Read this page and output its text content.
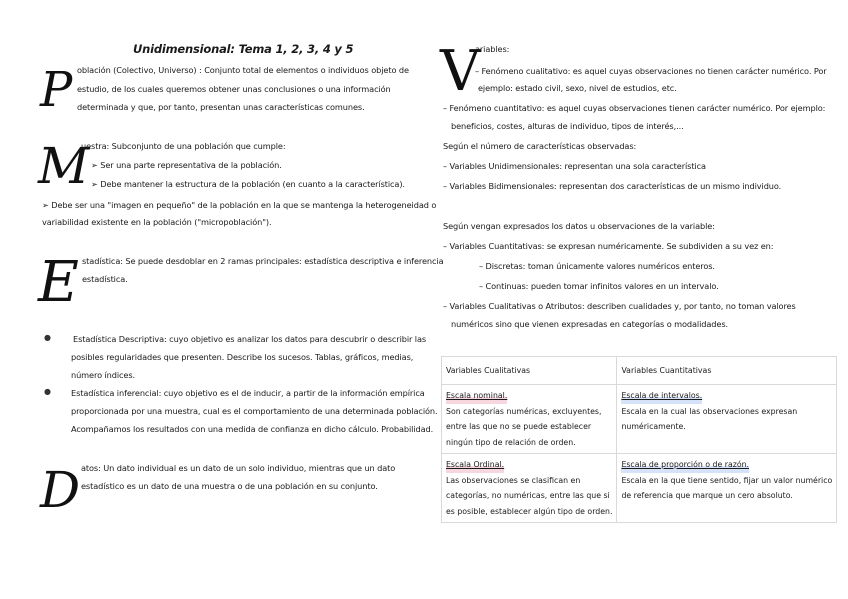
Unidimensional: Tema 1, 2, 3, 4 y 5
P oblación (Colectivo, Universo) : Conjunto total de elementos o individuos objeto de
estudio, de los cuales queremos obtener unas conclusiones o una información
determinada y que, por tanto, presentan unas características comunes.
M
uestra: Subconjunto de una población que cumple:
➢ Ser una parte representativa de la población.
➢ Debe mantener la estructura de la población (en cuanto a la característica).
➢ Debe ser una "imagen en pequeño" de la población en la que se mantenga la heterogeneidad o
variabilidad existente en la población ("micropoblación").
E stadística: Se puede desdoblar en 2 ramas principales: estadística descriptiva e inferencia
estadística.
●	Estadística Descriptiva: cuyo objetivo es analizar los datos para descubrir o describir las
posibles regularidades que presenten. Describe los sucesos. Tablas, gráficos, medias,
número índices.
● Estadística inferencial: cuyo objetivo es el de inducir, a partir de la información empírica
proporcionada por una muestra, cual es el comportamiento de una determinada población.
Acompañamos los resultados con una medida de confianza en dicho cálculo. Probabilidad.
D atos: Un dato individual es un dato de un solo individuo, mientras que un dato
estadístico es un dato de una muestra o de una población en su conjunto.
V
ariables:
– Fenómeno cualitativo: es aquel cuyas observaciones no tienen carácter numérico. Por
ejemplo: estado civil, sexo, nivel de estudios, etc.
– Fenómeno cuantitativo: es aquel cuyas observaciones tienen carácter numérico. Por ejemplo:
beneficios, costes, alturas de individuo, tipos de interés,...
Según el número de características observadas:
– Variables Unidimensionales: representan una sola característica
– Variables Bidimensionales: representan dos características de un mismo individuo.
Según vengan expresados los datos u observaciones de la variable:
– Variables Cuantitativas: se expresan numéricamente. Se subdividen a su vez en:
– Discretas: toman únicamente valores numéricos enteros.
– Continuas: pueden tomar infinitos valores en un intervalo.
– Variables Cualitativas o Atributos: describen cualidades y, por tanto, no toman valores
numéricos sino que vienen expresadas en categorías o modalidades.
Variables Cualitativas	Variables Cuantitativas
Escala nominal.
Son categorías numéricas, excluyentes,
entre las que no se puede establecer
ningún tipo de relación de orden.	Escala de intervalos.
Escala en la cual las observaciones expresan
numéricamente.

Escala Ordinal.
Las observaciones se clasifican en
categorías, no numéricas, entre las que si
es posible, establecer algún tipo de orden.	Escala de proporción o de razón.
Escala en la que tiene sentido, fijar un valor numérico
de referencia que marque un cero absoluto.
